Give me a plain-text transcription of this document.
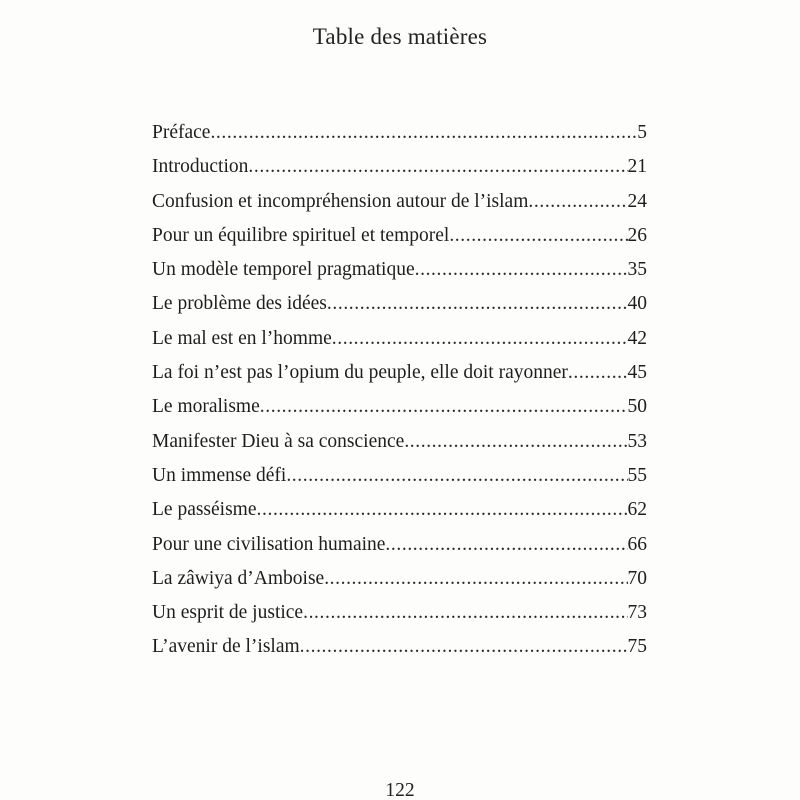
Table des matières
Préface .....	5
Introduction .....	21
Confusion et incompréhension autour de l’islam .....	24
Pour un équilibre spirituel et temporel .....	26
Un modèle temporel pragmatique .....	35
Le problème des idées .....	40
Le mal est en l’homme .....	42
La foi n’est pas l’opium du peuple, elle doit rayonner .....	45
Le moralisme .....	50
Manifester Dieu à sa conscience .....	53
Un immense défi .....	55
Le passéisme .....	62
Pour une civilisation humaine .....	66
La zâwiya d’Amboise .....	70
Un esprit de justice .....	73
L’avenir de l’islam .....	75
122
